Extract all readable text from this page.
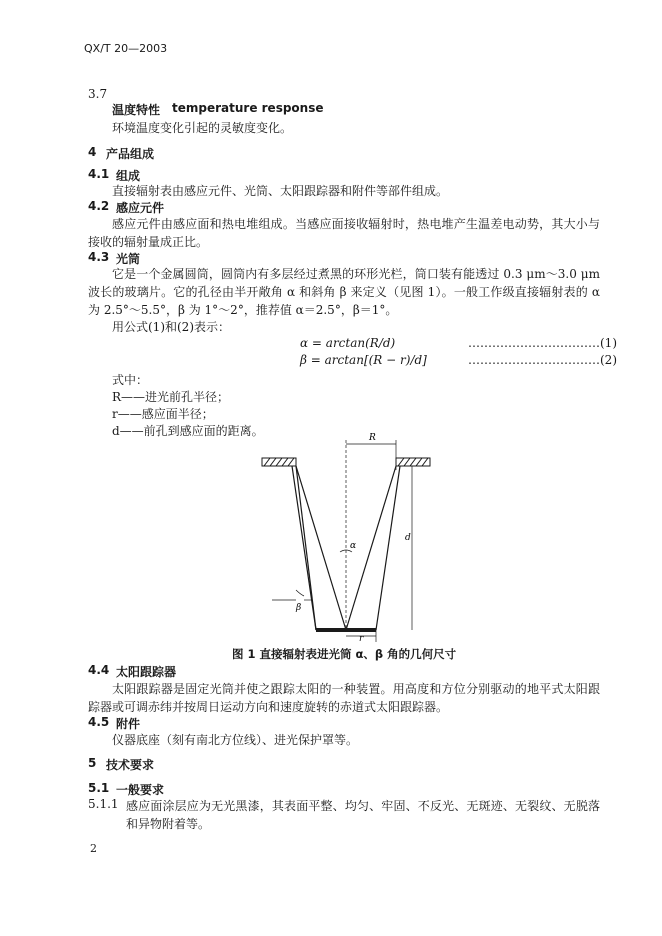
QX/T 20—2003
3.7
温度特性 temperature response
环境温度变化引起的灵敏度变化。
4 产品组成
4.1 组成
直接辐射表由感应元件、光筒、太阳跟踪器和附件等部件组成。
4.2 感应元件
感应元件由感应面和热电堆组成。当感应面接收辐射时，热电堆产生温差电动势，其大小与接收的辐射量成正比。
4.3 光筒
它是一个金属圆筒，圆筒内有多层经过煮黑的环形光栏，筒口装有能透过 0.3 μm～3.0 μm 波长的玻璃片。它的孔径由半开敞角 α 和斜角 β 来定义（见图 1）。一般工作级直接辐射表的 α 为 2.5°～5.5°，β 为 1°～2°，推荐值 α＝2.5°，β＝1°。
用公式(1)和(2)表示：
α = arctan(R/d)	……………………………(1)
β = arctan[(R − r)/d]	……………………………(2)
式中：
R——进光前孔半径；
r——感应面半径；
d——前孔到感应面的距离。	R
d
r
α
β
图 1 直接辐射表进光筒 α、β 角的几何尺寸
4.4 太阳跟踪器
太阳跟踪器是固定光筒并使之跟踪太阳的一种装置。用高度和方位分别驱动的地平式太阳跟踪器或可调赤纬并按周日运动方向和速度旋转的赤道式太阳跟踪器。
4.5 附件
仪器底座（刻有南北方位线）、进光保护罩等。
5 技术要求
5.1 一般要求
5.1.1 感应面涂层应为无光黑漆，其表面平整、均匀、牢固、不反光、无斑迹、无裂纹、无脱落和异物附着等。
2
